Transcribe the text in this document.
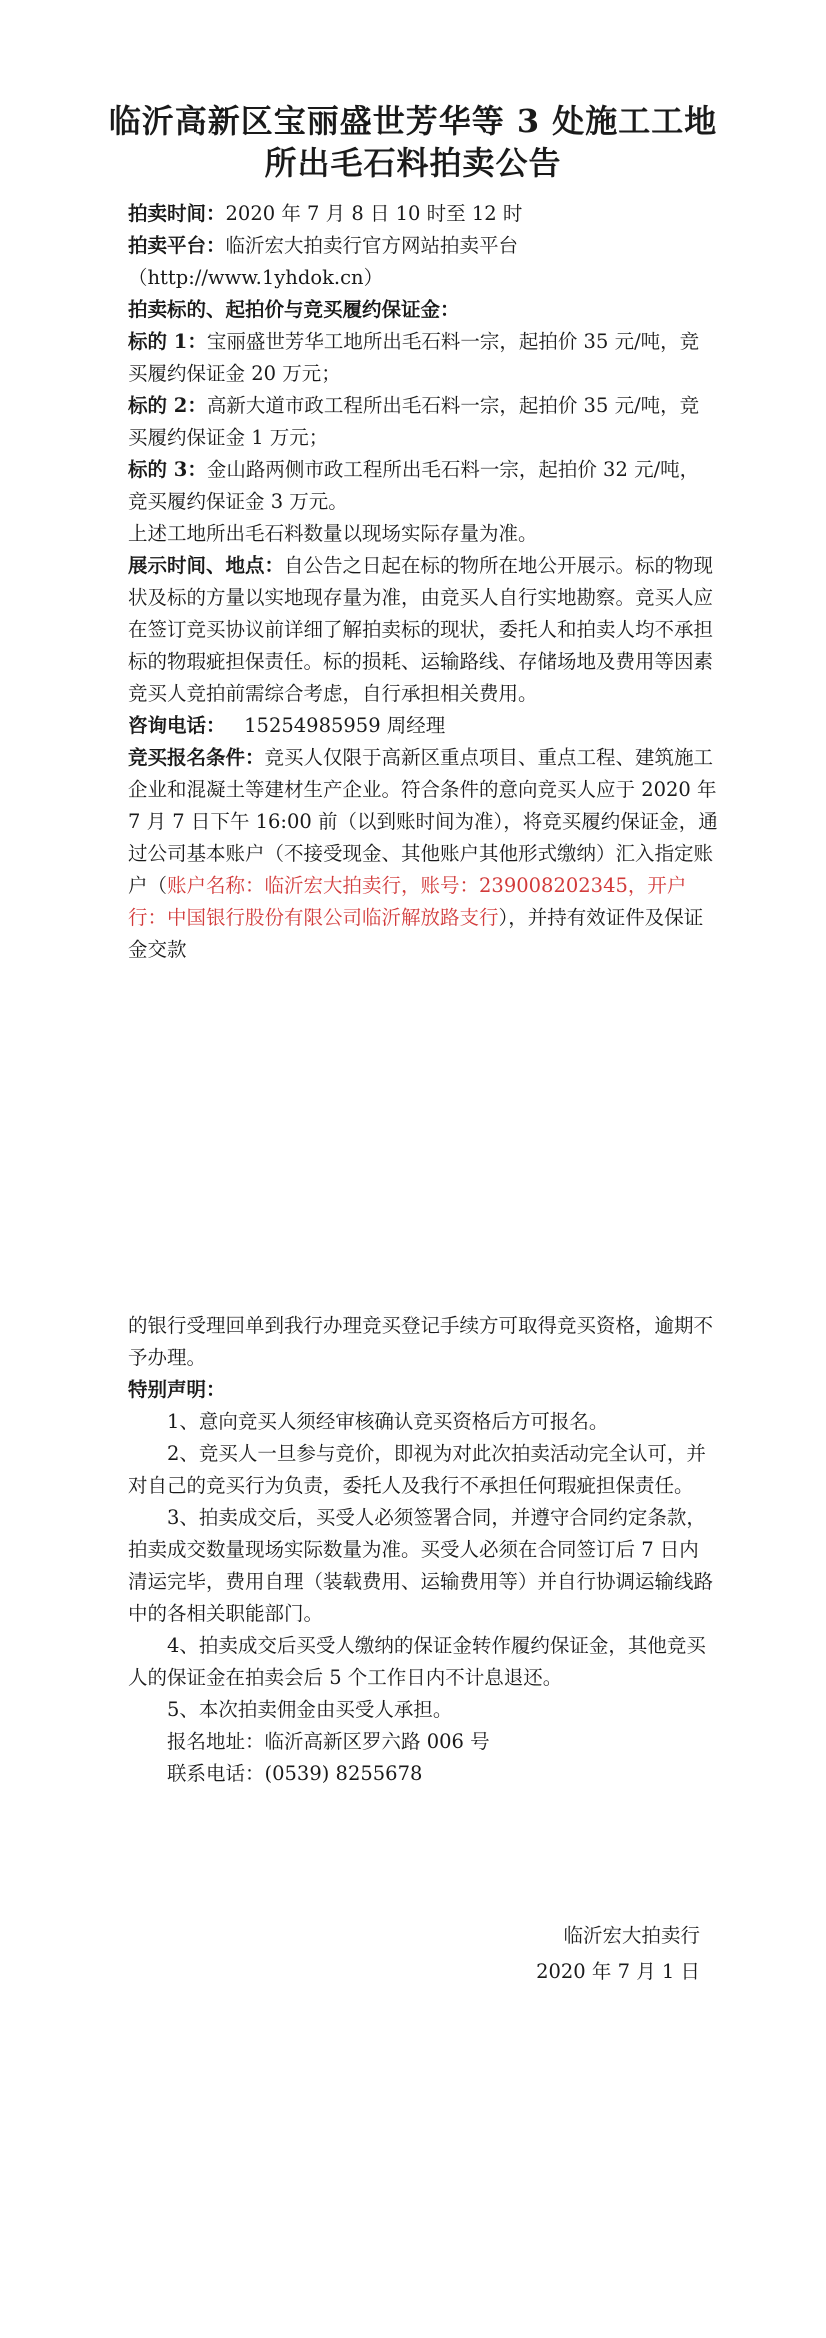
临沂高新区宝丽盛世芳华等 3 处施工工地
所出毛石料拍卖公告

拍卖时间：2020 年 7 月 8 日 10 时至 12 时

拍卖平台：临沂宏大拍卖行官方网站拍卖平台（http://www.1yhdok.cn）

拍卖标的、起拍价与竞买履约保证金：

标的 1：宝丽盛世芳华工地所出毛石料一宗，起拍价 35 元/吨，竞买履约保证金 20 万元；

标的 2：高新大道市政工程所出毛石料一宗，起拍价 35 元/吨，竞买履约保证金 1 万元；

标的 3：金山路两侧市政工程所出毛石料一宗，起拍价 32 元/吨，竞买履约保证金 3 万元。

上述工地所出毛石料数量以现场实际存量为准。

展示时间、地点：自公告之日起在标的物所在地公开展示。标的物现状及标的方量以实地现存量为准，由竞买人自行实地勘察。竞买人应在签订竞买协议前详细了解拍卖标的现状，委托人和拍卖人均不承担标的物瑕疵担保责任。标的损耗、运输路线、存储场地及费用等因素竞买人竞拍前需综合考虑，自行承担相关费用。

咨询电话： 15254985959 周经理

竞买报名条件：竞买人仅限于高新区重点项目、重点工程、建筑施工企业和混凝土等建材生产企业。符合条件的意向竞买人应于 2020 年 7 月 7 日下午 16:00 前（以到账时间为准），将竞买履约保证金，通过公司基本账户（不接受现金、其他账户其他形式缴纳）汇入指定账户（账户名称：临沂宏大拍卖行，账号：239008202345，开户行：中国银行股份有限公司临沂解放路支行），并持有效证件及保证金交款

的银行受理回单到我行办理竞买登记手续方可取得竞买资格，逾期不予办理。

特别声明：

1、意向竞买人须经审核确认竞买资格后方可报名。

2、竞买人一旦参与竞价，即视为对此次拍卖活动完全认可，并对自己的竞买行为负责，委托人及我行不承担任何瑕疵担保责任。

3、拍卖成交后，买受人必须签署合同，并遵守合同约定条款，拍卖成交数量现场实际数量为准。买受人必须在合同签订后 7 日内清运完毕，费用自理（装载费用、运输费用等）并自行协调运输线路中的各相关职能部门。

4、拍卖成交后买受人缴纳的保证金转作履约保证金，其他竞买人的保证金在拍卖会后 5 个工作日内不计息退还。

5、本次拍卖佣金由买受人承担。

报名地址：临沂高新区罗六路 006 号

联系电话：(0539) 8255678

临沂宏大拍卖行
2020 年 7 月 1 日
